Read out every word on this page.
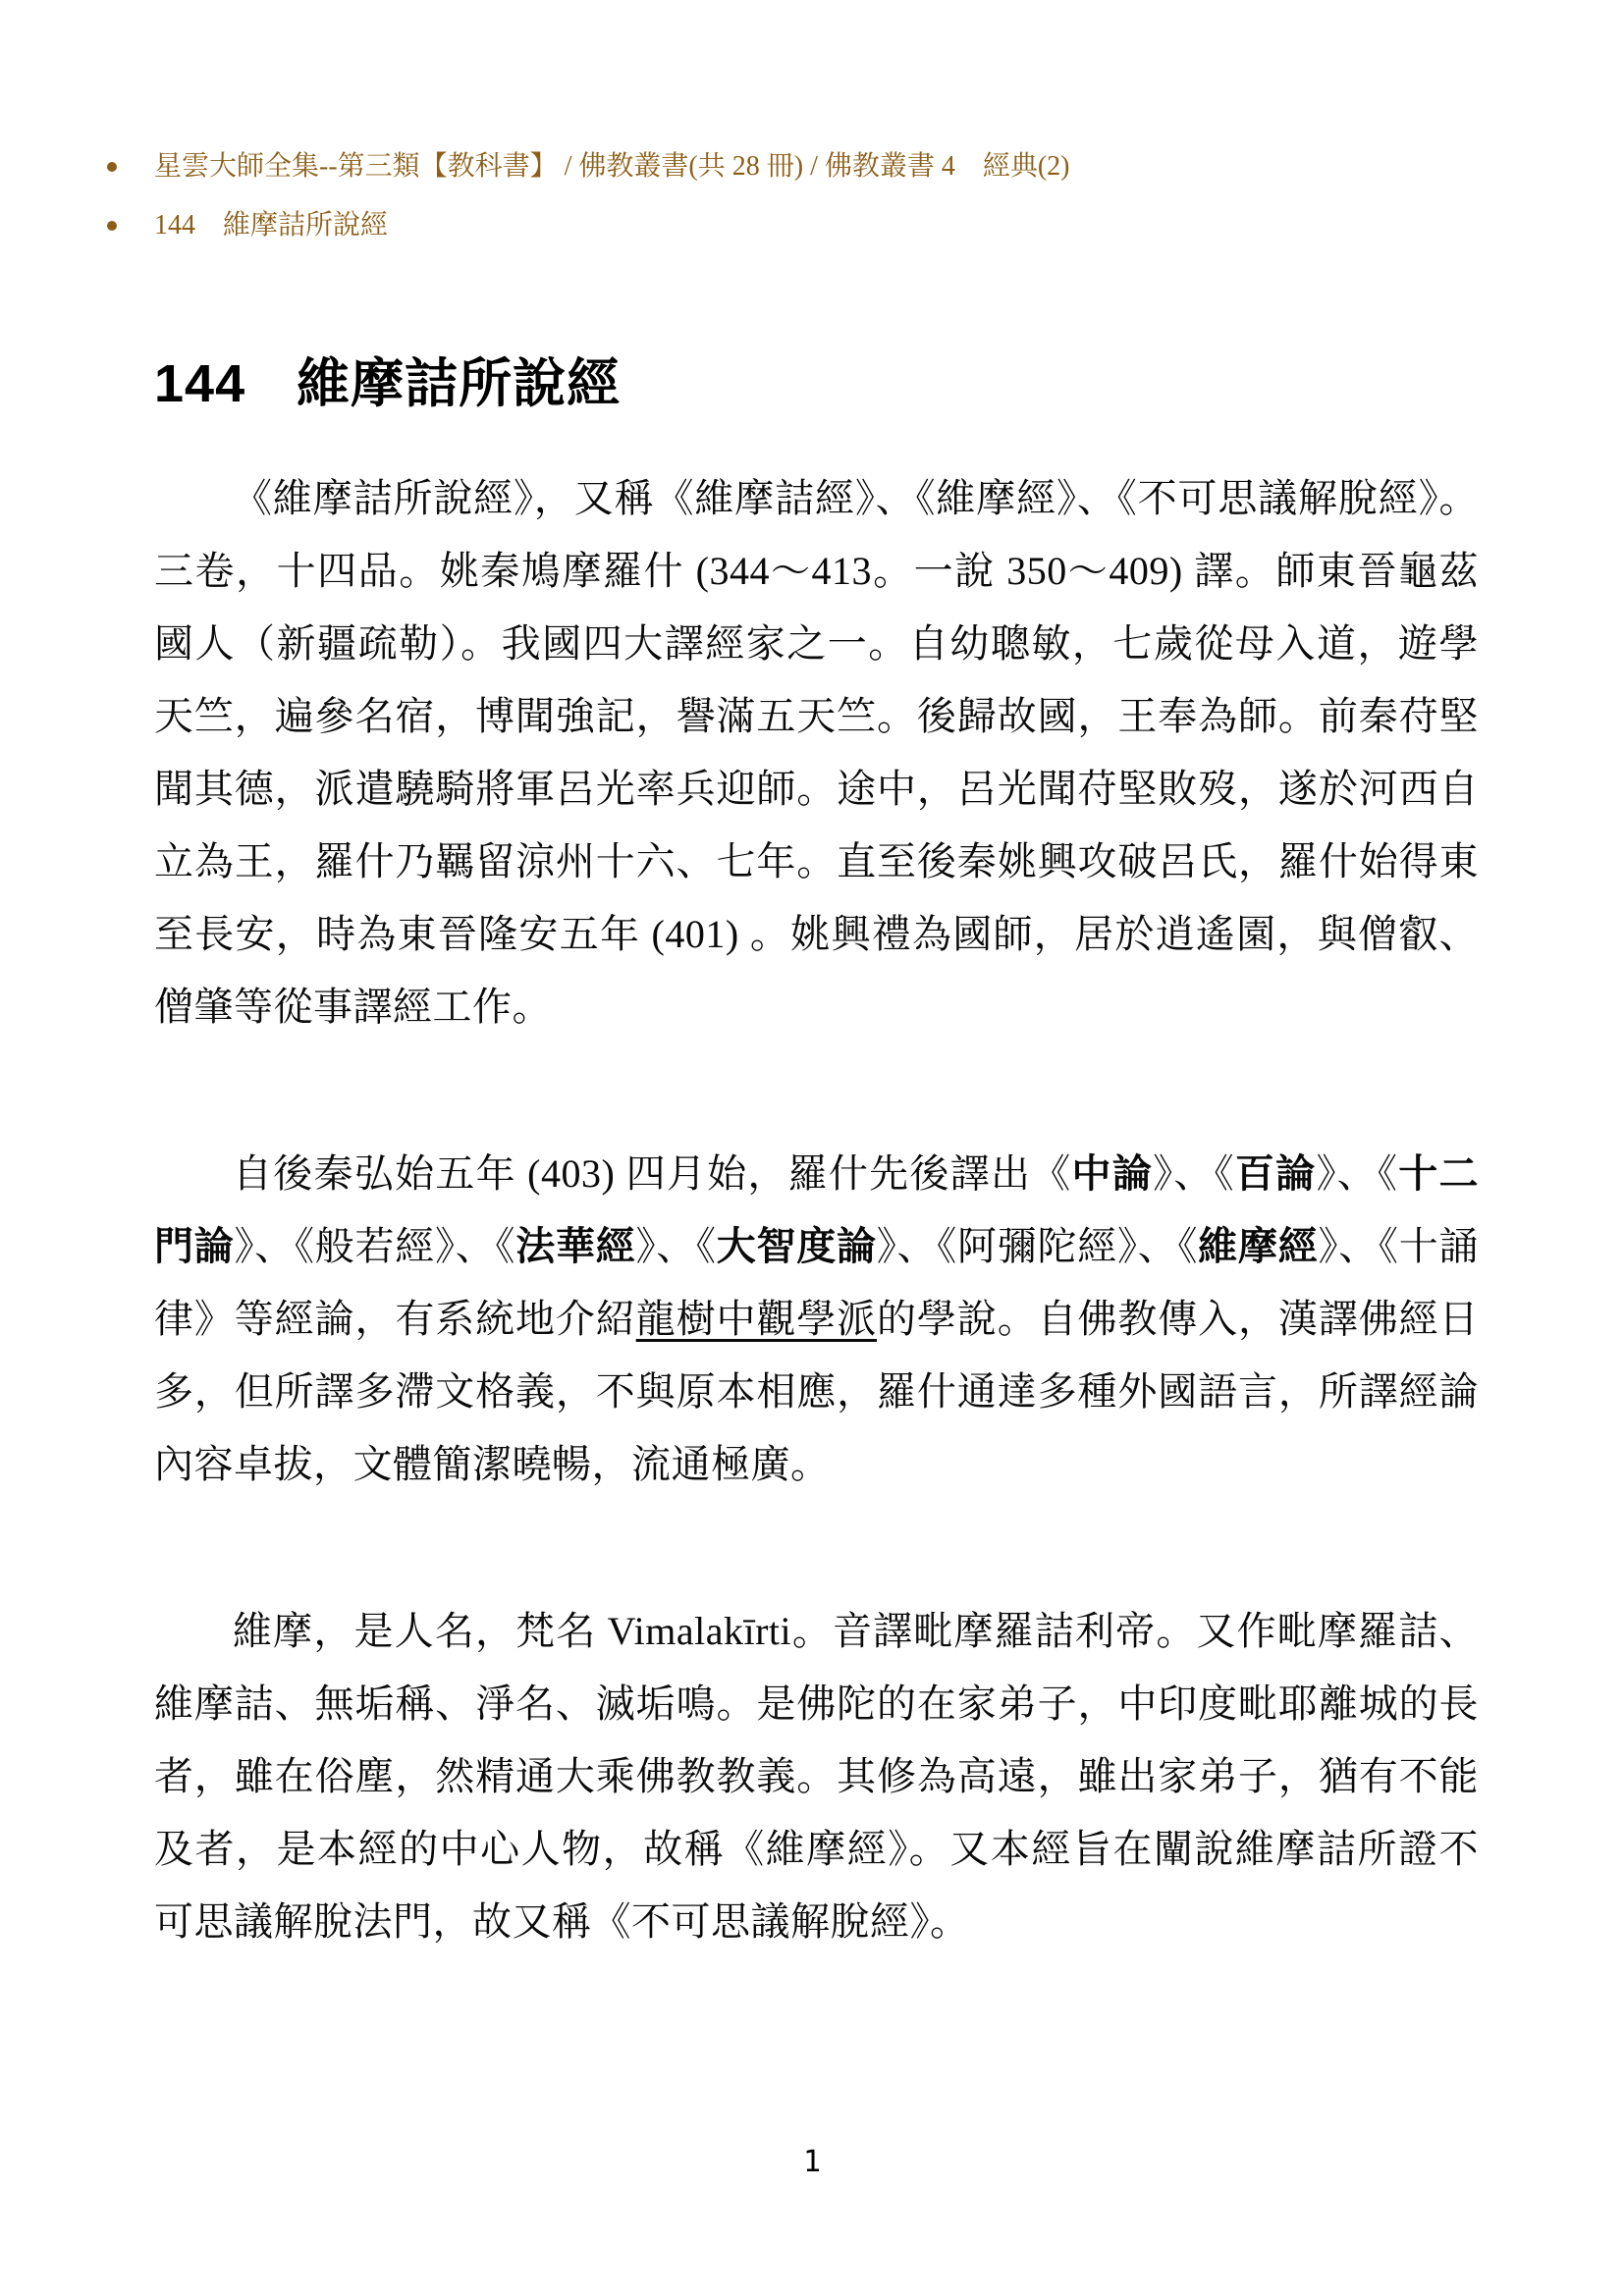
星雲大師全集--第三類【教科書】 / 佛教叢書(共 28 冊) / 佛教叢書 4　經典(2)
144　維摩詰所說經
144 維摩詰所說經

《維摩詰所說經》，又稱《維摩詰經》、《維摩經》、《不可思議解脫經》。三卷，十四品。姚秦鳩摩羅什 (344～413。一說 350～409) 譯。師東晉龜茲國人（新疆疏勒）。我國四大譯經家之一。自幼聰敏，七歲從母入道，遊學天竺，遍參名宿，博聞強記，譽滿五天竺。後歸故國，王奉為師。前秦苻堅聞其德，派遣驍騎將軍呂光率兵迎師。途中，呂光聞苻堅敗歿，遂於河西自立為王，羅什乃羈留涼州十六、七年。直至後秦姚興攻破呂氏，羅什始得東至長安，時為東晉隆安五年 (401) 。姚興禮為國師，居於逍遙園，與僧叡、僧肇等從事譯經工作。

自後秦弘始五年 (403) 四月始，羅什先後譯出《中論》、《百論》、《十二門論》、《般若經》、《法華經》、《大智度論》、《阿彌陀經》、《維摩經》、《十誦律》等經論，有系統地介紹龍樹中觀學派的學說。自佛教傳入，漢譯佛經日多，但所譯多滯文格義，不與原本相應，羅什通達多種外國語言，所譯經論內容卓拔，文體簡潔曉暢，流通極廣。

維摩，是人名，梵名 Vimalakīrti。音譯毗摩羅詰利帝。又作毗摩羅詰、維摩詰、無垢稱、淨名、滅垢鳴。是佛陀的在家弟子，中印度毗耶離城的長者，雖在俗塵，然精通大乘佛教教義。其修為高遠，雖出家弟子，猶有不能及者，是本經的中心人物，故稱《維摩經》。又本經旨在闡說維摩詰所證不可思議解脫法門，故又稱《不可思議解脫經》。

1
